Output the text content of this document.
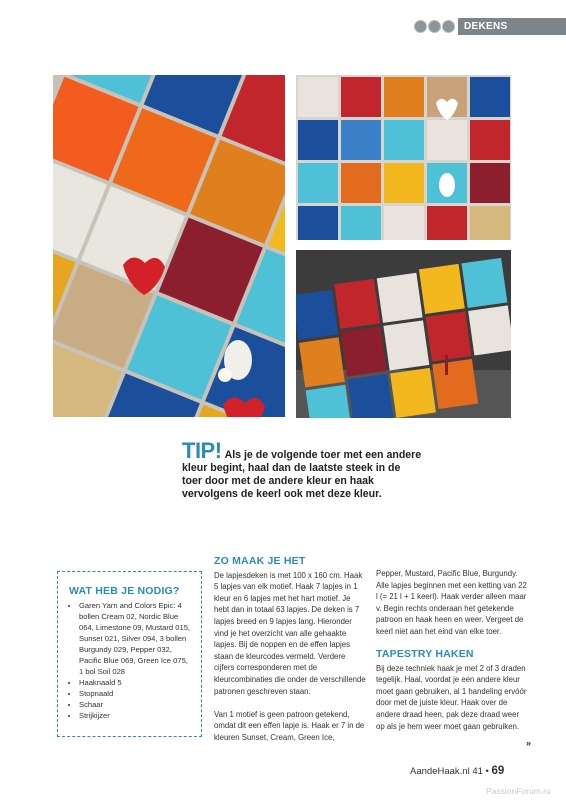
DEKENS
TIP! Als je de volgende toer met een andere kleur begint, haal dan de laatste steek in de toer door met de andere kleur en haak vervolgens de keerl ook met deze kleur.
WAT HEB JE NODIG?
• Garen Yarn and Colors Epic: 4 bollen Cream 02, Nordic Blue 064, Limestone 09, Mustard 015, Sunset 021, Silver 094, 3 bollen Burgundy 029, Pepper 032, Pacific Blue 069, Green Ice 075, 1 bol Soil 028
• Haaknaald 5
• Stopnaald
• Schaar
• Strijkijzer
ZO MAAK JE HET

De lapjesdeken is met 100 x 160 cm. Haak 5 lapjes van elk motief. Haak 7 lapjes in 1 kleur en 6 lapjes met het hart motief. Je hebt dan in totaal 63 lapjes. De deken is 7 lapjes breed en 9 lapjes lang. Hieronder vind je het overzicht van alle gehaakte lapjes. Bij de noppen en de effen lapjes staan de kleurcodes vermeld. Verdere cijfers corresponderen met de kleurcombinaties die onder de verschillende patronen geschreven staan.

Van 1 motief is geen patroon getekend, omdat dit een effen lapje is. Haak er 7 in de kleuren Sunset, Cream, Green Ice,

Pepper, Mustard, Pacific Blue, Burgundy. Alle lapjes beginnen met een ketting van 22 l (= 21 l + 1 keerl). Haak verder alleen maar v. Begin rechts onderaan het getekende patroon en haak heen en weer. Vergeet de keerl niet aan het eind van elke toer.

TAPESTRY HAKEN

Bij deze techniek haak je met 2 of 3 draden tegelijk. Haal, voordat je een andere kleur moet gaan gebruiken, al 1 handeling ervóór door met de juiste kleur. Haak over de andere draad heen, pak deze draad weer op als je hem weer moet gaan gebruiken.

»
AandeHaak.nl 41 • 69
PassionForum.ru
